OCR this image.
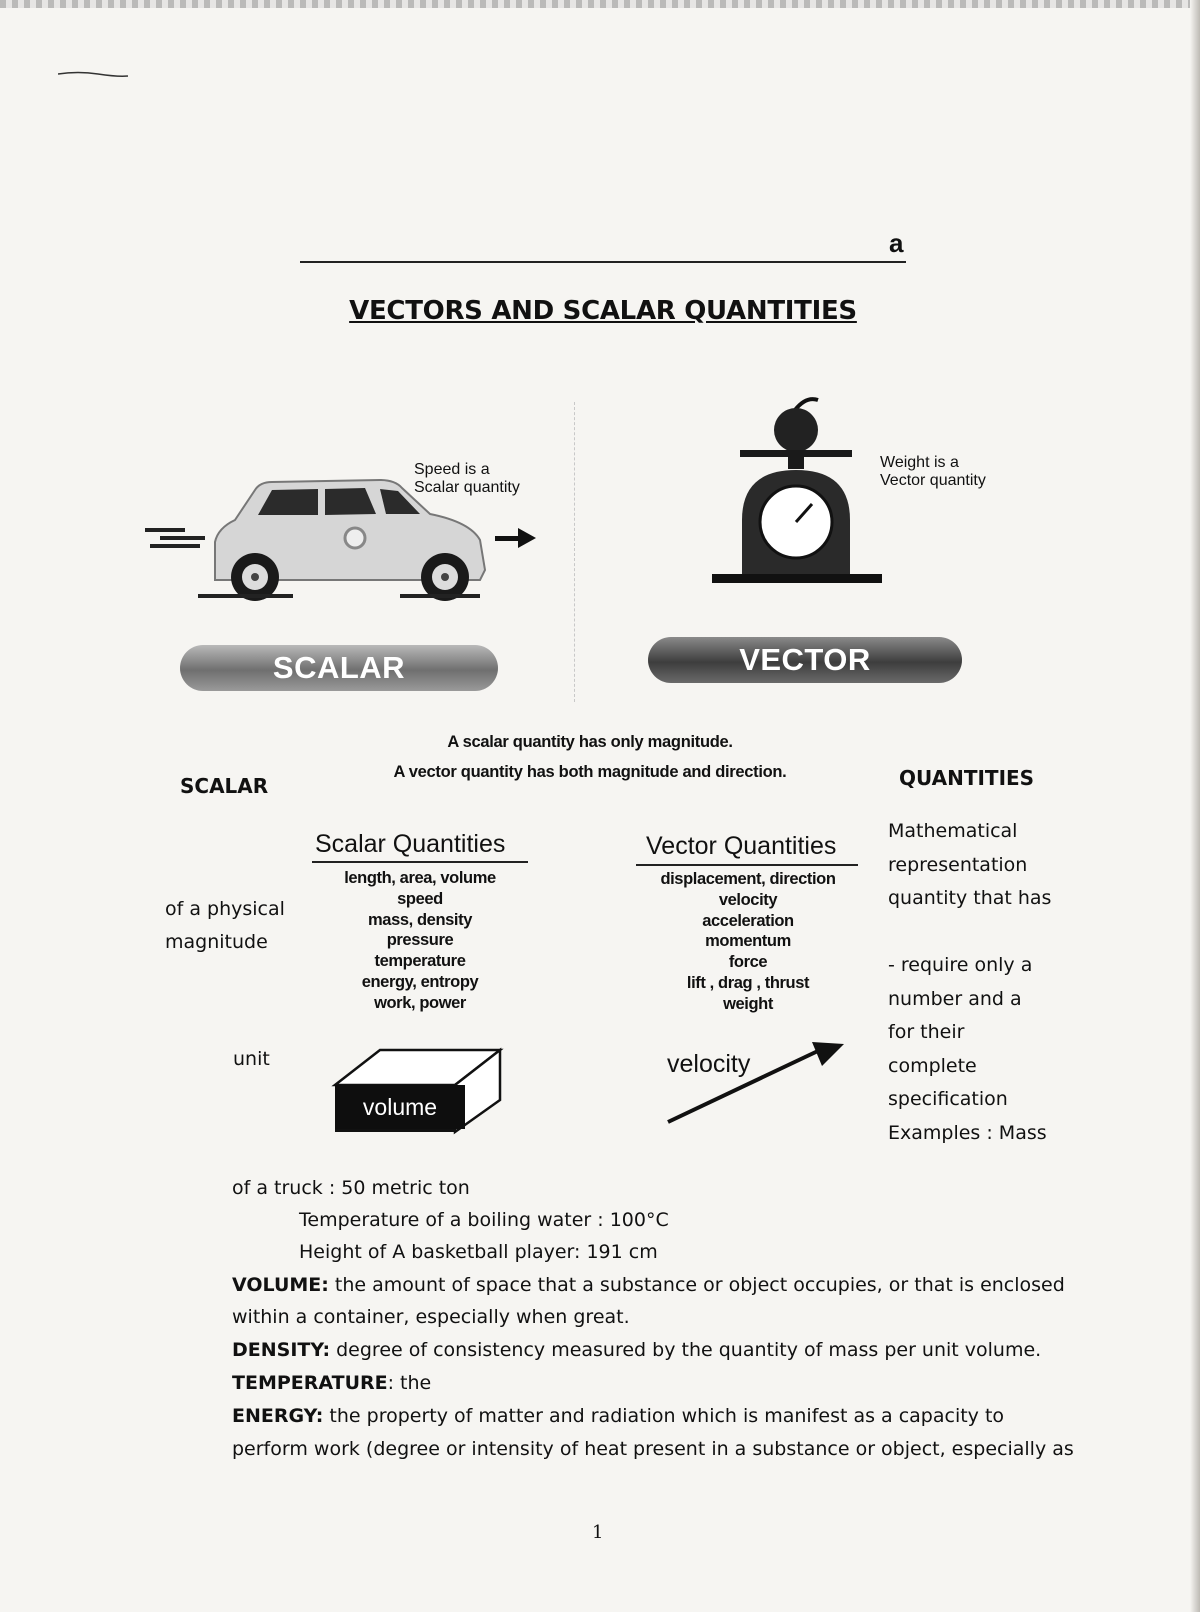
a
VECTORS AND SCALAR QUANTITIES
Speed is a
Scalar quantity
Weight is a
Vector quantity
SCALAR	VECTOR
A scalar quantity has only magnitude.
A vector quantity has both magnitude and direction.
SCALAR	QUANTITIES
of a physical
magnitude
unit
Mathematical
representation
quantity that has
- require only a
number and a
for their
complete
specification
Examples : Mass
Scalar Quantities
length, area, volume
speed
mass, density
pressure
temperature
energy, entropy
work, power
Vector Quantities
displacement, direction
velocity
acceleration
momentum
force
lift , drag , thrust
weight
volume
velocity
of a truck : 50 metric ton
Temperature of a boiling water : 100°C
Height of A basketball player: 191 cm
VOLUME: the amount of space that a substance or object occupies, or that is enclosed
within a container, especially when great.
DENSITY: degree of consistency measured by the quantity of mass per unit volume.
TEMPERATURE: the
ENERGY: the property of matter and radiation which is manifest as a capacity to
perform work (degree or intensity of heat present in a substance or object, especially as
1
